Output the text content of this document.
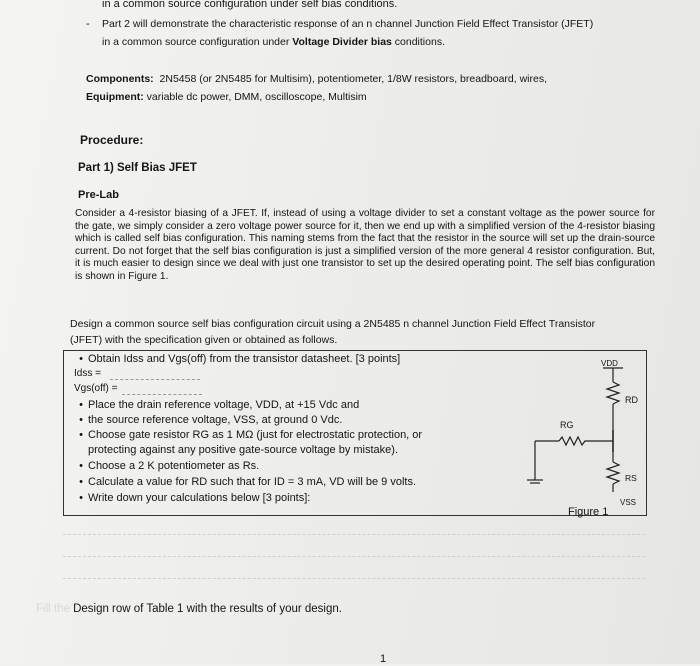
in a common source configuration under self bias conditions.
- Part 2 will demonstrate the characteristic response of an n channel Junction Field Effect Transistor (JFET)
in a common source configuration under Voltage Divider bias conditions.
Components: 2N5458 (or 2N5485 for Multisim), potentiometer, 1/8W resistors, breadboard, wires,
Equipment: variable dc power, DMM, oscilloscope, Multisim
Procedure:
Part 1) Self Bias JFET
Pre-Lab
Consider a 4-resistor biasing of a JFET. If, instead of using a voltage divider to set a constant voltage as the power source for the gate, we simply consider a zero voltage power source for it, then we end up with a simplified version of the 4-resistor biasing which is called self bias configuration. This naming stems from the fact that the resistor in the source will set up the drain-source current. Do not forget that the self bias configuration is just a simplified version of the more general 4 resistor configuration. But, it is much easier to design since we deal with just one transistor to set up the desired operating point. The self bias configuration is shown in Figure 1.
Design a common source self bias configuration circuit using a 2N5485 n channel Junction Field Effect Transistor
(JFET) with the specification given or obtained as follows.
• Obtain Idss and Vgs(off) from the transistor datasheet. [3 points]
Idss =
Vgs(off) =
• Place the drain reference voltage, VDD, at +15 Vdc and
• the source reference voltage, VSS, at ground 0 Vdc.
• Choose gate resistor RG as 1 MΩ (just for electrostatic protection, or
protecting against any positive gate-source voltage by mistake).
• Choose a 2 K potentiometer as Rs.
• Calculate a value for RD such that for ID = 3 mA, VD will be 9 volts.
• Write down your calculations below [3 points]:
VDD
RD
RG
RS
VSS
Figure 1
Fill the Design row of Table 1 with the results of your design.
1
